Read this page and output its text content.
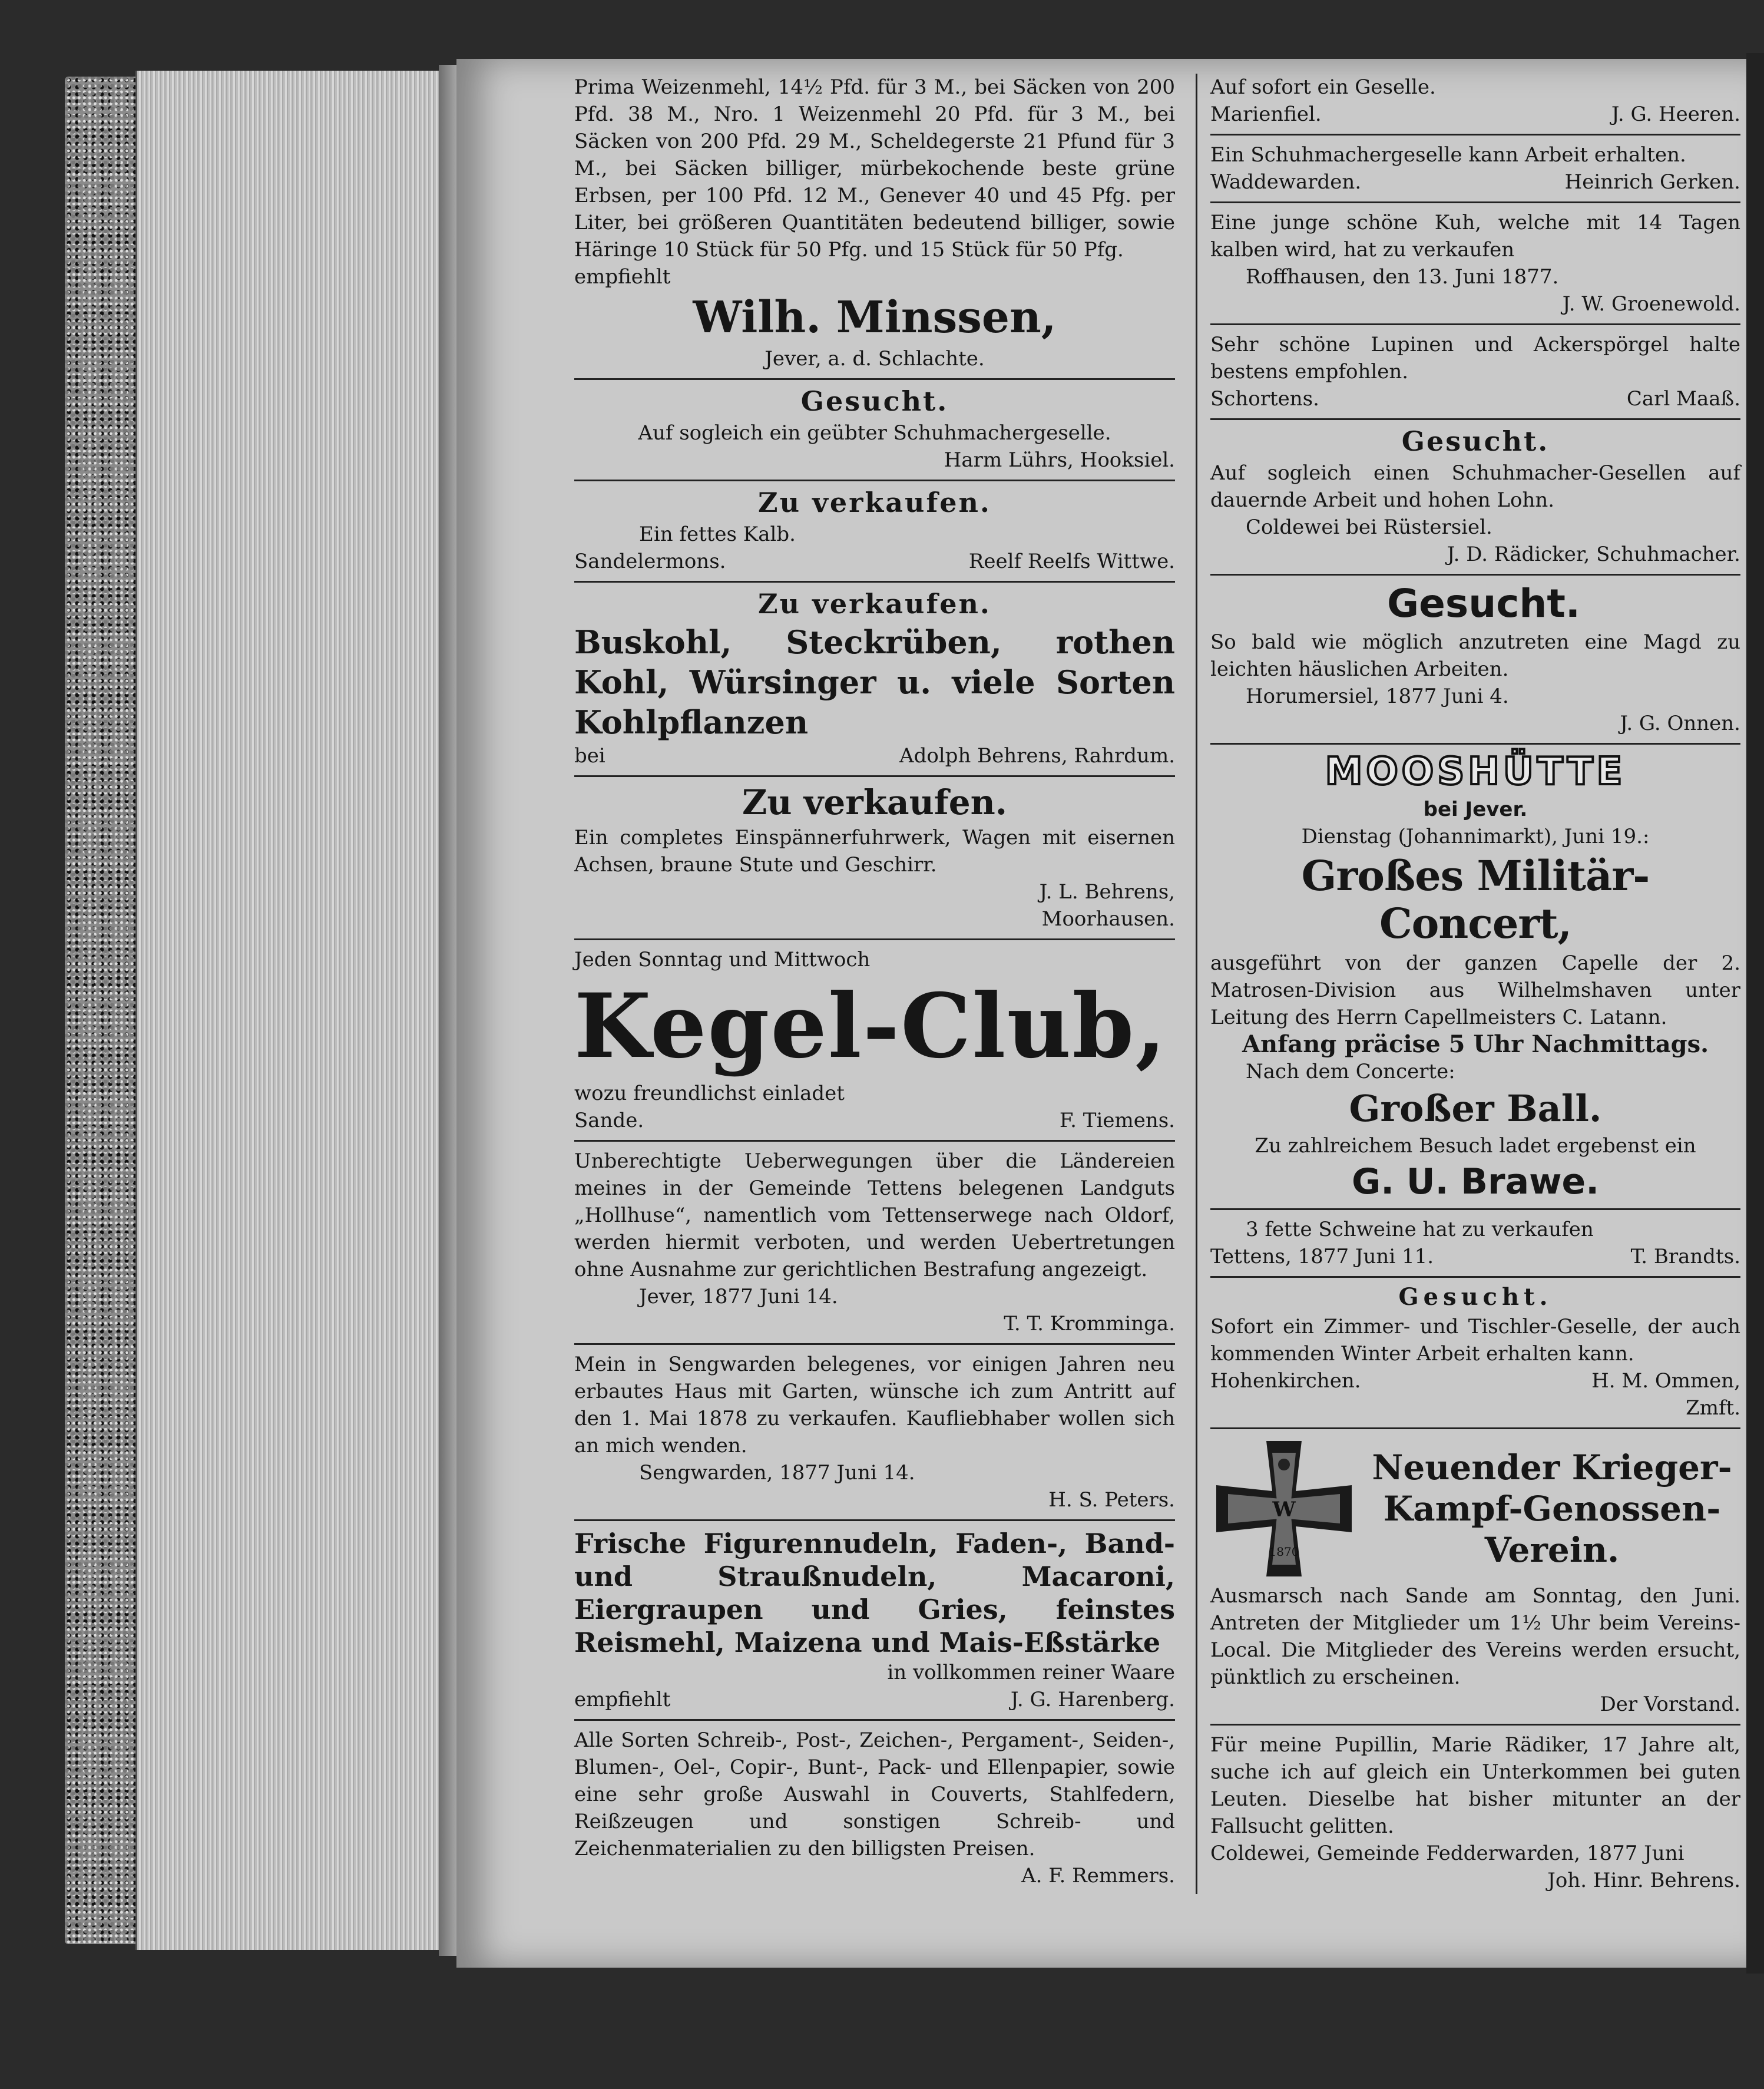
Prima Weizenmehl, 14½ Pfd. für 3 M., bei Säcken von 200 Pfd. 38 M., Nro. 1 Weizenmehl 20 Pfd. für 3 M., bei Säcken von 200 Pfd. 29 M., Scheldegerste 21 Pfund für 3 M., bei Säcken billiger, mürbekochende beste grüne Erbsen, per 100 Pfd. 12 M., Genever 40 und 45 Pfg. per Liter, bei größeren Quantitäten bedeutend billiger, sowie Häringe 10 Stück für 50 Pfg. und 15 Stück für 50 Pfg.

empfiehlt

Wilh. Minssen,

Jever, a. d. Schlachte.

Gesucht.

Auf sogleich ein geübter Schuhmachergeselle.

Harm Lührs, Hooksiel.

Zu verkaufen.

Ein fettes Kalb.

Sandelermons.	Reelf Reelfs Wittwe.
Zu verkaufen.

Buskohl, Steckrüben, rothen Kohl, Würsinger u. viele Sorten Kohlpflanzen

bei	Adolph Behrens, Rahrdum.
Zu verkaufen.

Ein completes Einspännerfuhrwerk, Wagen mit eisernen Achsen, braune Stute und Geschirr.

J. L. Behrens,

Moorhausen.

Jeden Sonntag und Mittwoch

Kegel-Club,

wozu freundlichst einladet

Sande.	F. Tiemens.

Unberechtigte Ueberwegungen über die Ländereien meines in der Gemeinde Tettens belegenen Landguts „Hollhuse“, namentlich vom Tettenserwege nach Oldorf, werden hiermit verboten, und werden Uebertretungen ohne Ausnahme zur gerichtlichen Bestrafung angezeigt.

Jever, 1877 Juni 14.

T. T. Kromminga.

Mein in Sengwarden belegenes, vor einigen Jahren neu erbautes Haus mit Garten, wünsche ich zum Antritt auf den 1. Mai 1878 zu verkaufen. Kaufliebhaber wollen sich an mich wenden.

Sengwarden, 1877 Juni 14.

H. S. Peters.

Frische Figurennudeln, Faden-, Band- und Straußnudeln, Macaroni, Eiergraupen und Gries, feinstes Reismehl, Maizena und Mais-Eßstärke

in vollkommen reiner Waare

empfiehlt	J. G. Harenberg.

Alle Sorten Schreib-, Post-, Zeichen-, Pergament-, Seiden-, Blumen-, Oel-, Copir-, Bunt-, Pack- und Ellenpapier, sowie eine sehr große Auswahl in Couverts, Stahlfedern, Reißzeugen und sonstigen Schreib- und Zeichenmaterialien zu den billigsten Preisen.

A. F. Remmers.

Auf sofort ein Geselle.

Marienfiel.	J. G. Heeren.

Ein Schuhmachergeselle kann Arbeit erhalten.

Waddewarden.	Heinrich Gerken.

Eine junge schöne Kuh, welche mit 14 Tagen kalben wird, hat zu verkaufen

Roffhausen, den 13. Juni 1877.

J. W. Groenewold.

Sehr schöne Lupinen und Ackerspörgel halte bestens empfohlen.

Schortens.	Carl Maaß.
Gesucht.

Auf sogleich einen Schuhmacher-Gesellen auf dauernde Arbeit und hohen Lohn.

Coldewei bei Rüstersiel.

J. D. Rädicker, Schuhmacher.

Gesucht.

So bald wie möglich anzutreten eine Magd zu leichten häuslichen Arbeiten.

Horumersiel, 1877 Juni 4.

J. G. Onnen.

MOOSHÜTTE

bei Jever.

Dienstag (Johannimarkt), Juni 19.:

Großes Militär-Concert,

ausgeführt von der ganzen Capelle der 2. Matrosen-Division aus Wilhelmshaven unter Leitung des Herrn Capellmeisters C. Latann.

Anfang präcise 5 Uhr Nachmittags.

Nach dem Concerte:

Großer Ball.

Zu zahlreichem Besuch ladet ergebenst ein

G. U. Brawe.

3 fette Schweine hat zu verkaufen

Tettens, 1877 Juni 11.	T. Brandts.
Gesucht.

Sofort ein Zimmer- und Tischler-Geselle, der auch kommenden Winter Arbeit erhalten kann.

Hohenkirchen.	H. M. Ommen,

Zmft.

W
1870
Neuender Krieger- Kampf-Genossen- Verein.

Ausmarsch nach Sande am Sonntag, den Juni. Antreten der Mitglieder um 1½ Uhr beim Vereins-Local. Die Mitglieder des Vereins werden ersucht, pünktlich zu erscheinen.

Der Vorstand.

Für meine Pupillin, Marie Rädiker, 17 Jahre alt, suche ich auf gleich ein Unterkommen bei guten Leuten. Dieselbe hat bisher mitunter an der Fallsucht gelitten.

Coldewei, Gemeinde Fedderwarden, 1877 Juni

Joh. Hinr. Behrens.
